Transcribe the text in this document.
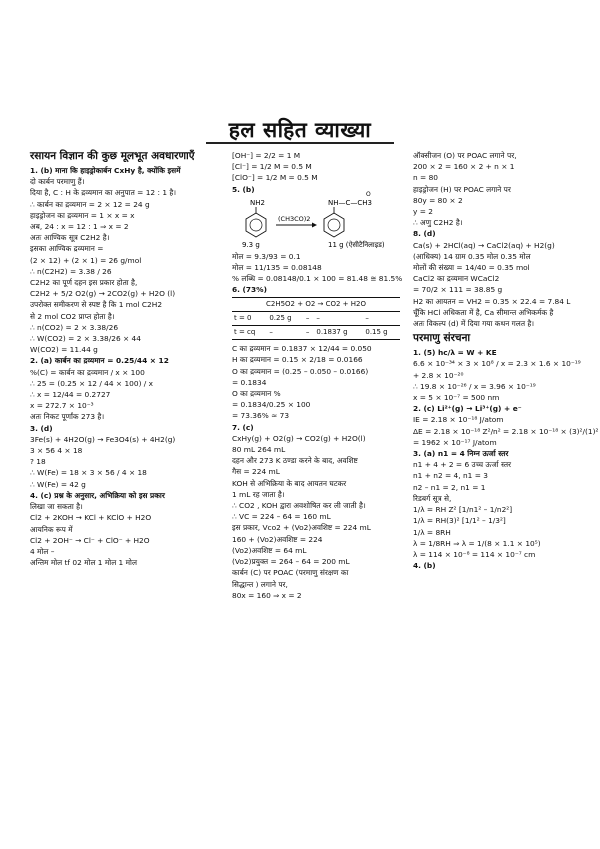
हल सहित व्याख्या
रसायन विज्ञान की कुछ मूलभूत अवधारणाएँ
1. (b) माना कि हाइड्रोकार्बन CxHy है, क्योंकि इसमें
दो कार्बन परमाणु हैं।
दिया है, C : H के द्रव्यमान का अनुपात = 12 : 1 है।
∴ कार्बन का द्रव्यमान = 2 × 12 = 24 g
हाइड्रोजन का द्रव्यमान = 1 × x = x
अब, 24 : x = 12 : 1 ⇒ x = 2
अतः आण्विक सूत्र C2H2 है।
इसका आण्विक द्रव्यमान =
(2 × 12) + (2 × 1) = 26 g/mol
∴ n(C2H2) = 3.38 / 26
C2H2 का पूर्ण दहन इस प्रकार होता है,
C2H2 + 5/2 O2(g) → 2CO2(g) + H2O (l)
उपरोक्त समीकरण से स्पष्ट है कि 1 mol C2H2
से 2 mol CO2 प्राप्त होता है।
∴ n(CO2) = 2 × 3.38/26
∴ W(CO2) = 2 × 3.38/26 × 44
W(CO2) = 11.44 g
2. (a) कार्बन का द्रव्यमान = 0.25/44 × 12
%(C) = कार्बन का द्रव्यमान / x × 100
∴ 25 = (0.25 × 12 / 44 × 100) / x
∴ x = 12/44 = 0.2727
x = 272.7 × 10⁻³
अतः निकट पूर्णांक 273 है।
3. (d)
3Fe(s) + 4H2O(g) → Fe3O4(s) + 4H2(g)
3 × 56 4 × 18
? 18
∴ W(Fe) = 18 × 3 × 56 / 4 × 18
∴ W(Fe) = 42 g
4. (c) प्रश्न के अनुसार, अभिक्रिया को इस प्रकार
लिखा जा सकता है।
Cl2 + 2KOH → KCl + KClO + H2O
आयनिक रूप में
Cl2 + 2OH⁻ → Cl⁻ + ClO⁻ + H2O
4 मोल –
अन्तिम मोल tf 02 मोल 1 मोल 1 मोल
[OH⁻] = 2/2 = 1 M
[Cl⁻] = 1/2 M = 0.5 M
[ClO⁻] = 1/2 M = 0.5 M
5. (b)
NH2
9.3 g
(CH3CO)2
NH—C—CH3
O
11 g (ऐसीटैनिलाइड)
मोल = 9.3/93 = 0.1
मोल = 11/135 = 0.08148
% लब्धि = 0.08148/0.1 × 100 = 81.48 ≅ 81.5%
6. (73%)
C2H5O2 + O2 → CO2 + H2O				
t = 0	0.25 g	–	–	–
t = cq	–	–	0.1837 g	0.15 g
C का द्रव्यमान = 0.1837 × 12/44 = 0.050
H का द्रव्यमान = 0.15 × 2/18 = 0.0166
O का द्रव्यमान = (0.25 – 0.050 – 0.0166)
= 0.1834
O का द्रव्यमान %
= 0.1834/0.25 × 100
= 73.36% ≈ 73
7. (c)
CxHy(g) + O2(g) → CO2(g) + H2O(l)
80 mL 264 mL
दहन और 273 K ठण्डा करने के बाद, अवशिष्ट
गैस = 224 mL
KOH से अभिक्रिया के बाद आयतन घटकर
1 mL रह जाता है।
∴ CO2 , KOH द्वारा अवशोषित कर ली जाती है।
∴ VC = 224 – 64 = 160 mL
इस प्रकार, Vco2 + (Vo2)अवशिष्ट = 224 mL
160 + (Vo2)अवशिष्ट = 224
(Vo2)अवशिष्ट = 64 mL
(Vo2)प्रयुक्त = 264 – 64 = 200 mL
कार्बन (C) पर POAC (परमाणु संरक्षण का
सिद्धान्त ) लगाने पर,
80x = 160 ⇒ x = 2
ऑक्सीजन (O) पर POAC लगाने पर,
200 × 2 = 160 × 2 + n × 1
n = 80
हाइड्रोजन (H) पर POAC लगाने पर
80y = 80 × 2
y = 2
∴ अणु C2H2 है।
8. (d)
Ca(s) + 2HCl(aq) → CaCl2(aq) + H2(g)
(आधिक्य) 14 ग्राम 0.35 मोल 0.35 मोल
मोलों की संख्या = 14/40 = 0.35 mol
CaCl2 का द्रव्यमान WCaCl2
= 70/2 × 111 = 38.85 g
H2 का आयतन = VH2 = 0.35 × 22.4 = 7.84 L
चूँकि HCl अधिकता में है, Ca सीमान्त अभिकर्मक है
अतः विकल्प (d) में दिया गया कथन गलत है।
परमाणु संरचना
1. (5) hc/λ = W + KE
6.6 × 10⁻³⁴ × 3 × 10⁸ / x = 2.3 × 1.6 × 10⁻¹⁹
+ 2.8 × 10⁻²⁰
∴ 19.8 × 10⁻²⁶ / x = 3.96 × 10⁻¹⁹
x = 5 × 10⁻⁷ = 500 nm
2. (c) Li²⁺(g) → Li³⁺(g) + e⁻
IE = 2.18 × 10⁻¹⁸ J/atom
ΔE = 2.18 × 10⁻¹⁸ Z²/n² = 2.18 × 10⁻¹⁸ × (3)²/(1)²
= 1962 × 10⁻¹⁷ J/atom
3. (a) n1 = 4 निम्न ऊर्जा स्तर
n1 + 4 + 2 = 6 उच्च ऊर्जा स्तर
n1 + n2 = 4, n1 = 3
n2 – n1 = 2, n1 = 1
रिडबर्ग सूत्र से,
1/λ = RH Z² [1/n1² – 1/n2²]
1/λ = RH(3)² [1/1² – 1/3²]
1/λ = 8RH
λ = 1/8RH ⇒ λ = 1/(8 × 1.1 × 10⁵)
λ = 114 × 10⁻⁸ = 114 × 10⁻⁷ cm
4. (b)
